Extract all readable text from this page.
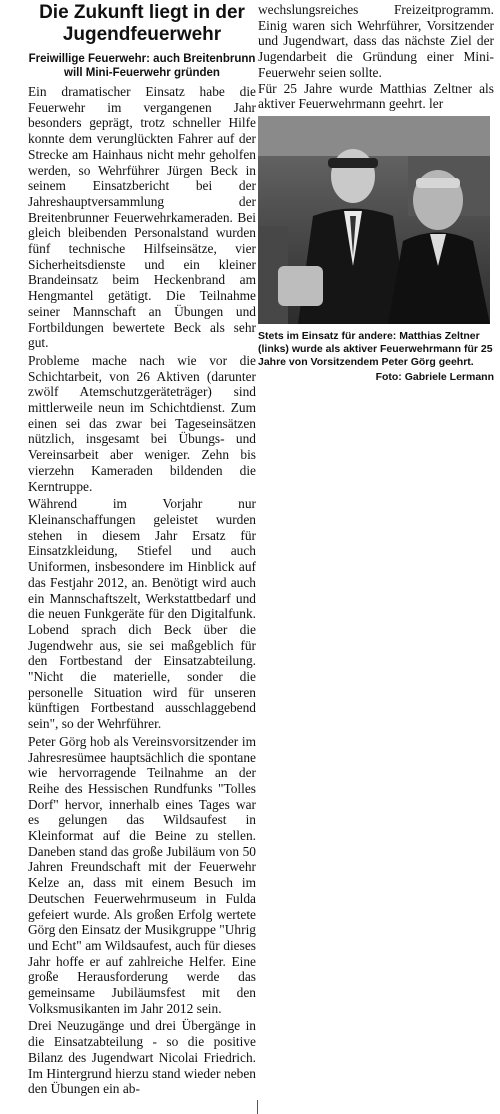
Die Zukunft liegt in der Jugendfeuerwehr
Freiwillige Feuerwehr: auch Breitenbrunn will Mini-Feuerwehr gründen

Ein dramatischer Einsatz habe die Feuerwehr im vergangenen Jahr besonders geprägt, trotz schneller Hilfe konnte dem verunglückten Fahrer auf der Strecke am Hainhaus nicht mehr geholfen werden, so Wehrführer Jürgen Beck in seinem Einsatzbericht bei der Jahreshauptversammlung der Breitenbrunner Feuerwehrkameraden. Bei gleich bleibenden Personalstand wurden fünf technische Hilfseinsätze, vier Sicherheitsdienste und ein kleiner Brandeinsatz beim Heckenbrand am Hengmantel getätigt. Die Teilnahme seiner Mannschaft an Übungen und Fortbildungen bewertete Beck als sehr gut.

Probleme mache nach wie vor die Schichtarbeit, von 26 Aktiven (darunter zwölf Atemschutzgeräteträger) sind mittlerweile neun im Schichtdienst. Zum einen sei das zwar bei Tageseinsätzen nützlich, insgesamt bei Übungs- und Vereinsarbeit aber weniger. Zehn bis vierzehn Kameraden bildenden die Kerntruppe.

Während im Vorjahr nur Kleinanschaffungen geleistet wurden stehen in diesem Jahr Ersatz für Einsatzkleidung, Stiefel und auch Uniformen, insbesondere im Hinblick auf das Festjahr 2012, an. Benötigt wird auch ein Mannschaftszelt, Werkstattbedarf und die neuen Funkgeräte für den Digitalfunk. Lobend sprach dich Beck über die Jugendwehr aus, sie sei maßgeblich für den Fortbestand der Einsatzabteilung. "Nicht die materielle, sonder die personelle Situation wird für unseren künftigen Fortbestand ausschlaggebend sein", so der Wehrführer.

Peter Görg hob als Vereinsvorsitzender im Jahresresümee hauptsächlich die spontane wie hervorragende Teilnahme an der Reihe des Hessischen Rundfunks "Tolles Dorf" hervor, innerhalb eines Tages war es gelungen das Wildsaufest in Kleinformat auf die Beine zu stellen. Daneben stand das große Jubiläum von 50 Jahren Freundschaft mit der Feuerwehr Kelze an, dass mit einem Besuch im Deutschen Feuerwehrmuseum in Fulda gefeiert wurde. Als großen Erfolg wertete Görg den Einsatz der Musikgruppe "Uhrig und Echt" am Wildsaufest, auch für dieses Jahr hoffe er auf zahlreiche Helfer. Eine große Herausforderung werde das gemeinsame Jubiläumsfest mit den Volksmusikanten im Jahr 2012 sein.

Drei Neuzugänge und drei Übergänge in die Einsatzabteilung - so die positive Bilanz des Jugendwart Nicolai Friedrich. Im Hintergrund hierzu stand wieder neben den Übungen ein ab-

wechslungsreiches Freizeitprogramm. Einig waren sich Wehrführer, Vorsitzender und Jugendwart, dass das nächste Ziel der Jugendarbeit die Gründung einer Mini-Feuerwehr seien sollte.

Für 25 Jahre wurde Matthias Zeltner als aktiver Feuerwehrmann geehrt. ler

Stets im Einsatz für andere: Matthias Zeltner (links) wurde als aktiver Feuerwehrmann für 25 Jahre von Vorsitzendem Peter Görg geehrt.
Foto: Gabriele Lermann
